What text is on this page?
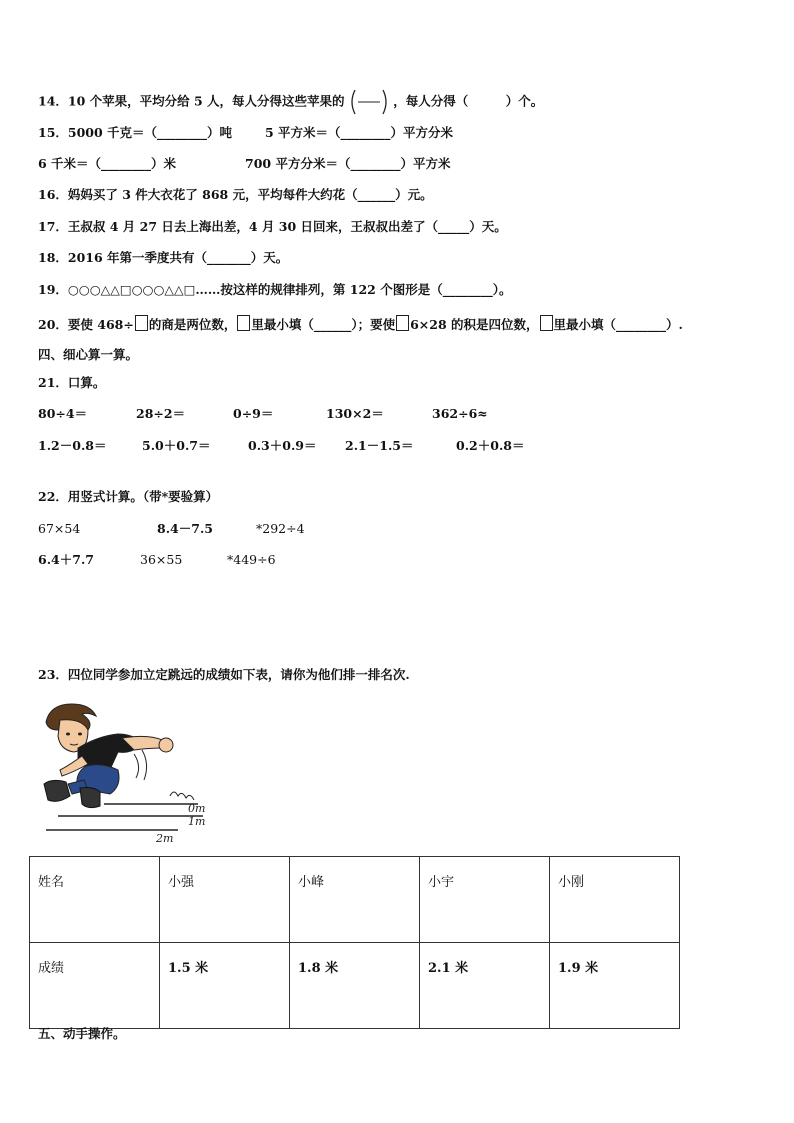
14．10 个苹果，平均分给 5 人，每人分得这些苹果的	，每人分得（　　　）个。
15．5000 千克＝（________）吨	5 平方米＝（________）平方分米
6 千米＝（________）米	700 平方分米＝（________）平方米
16．妈妈买了 3 件大衣花了 868 元，平均每件大约花（______）元。
17．王叔叔 4 月 27 日去上海出差，4 月 30 日回来，王叔叔出差了（_____）天。
18．2016 年第一季度共有（_______）天。
19．○○○△△□○○○△△□……按这样的规律排列，第 122 个图形是（________）。
20．要使 468÷ 的商是两位数， 里最小填（______）；要使 6×28 的积是四位数， 里最小填（________）.
四、细心算一算。
21．口算。
80÷4＝	28÷2＝	0÷9＝	130×2＝	362÷6≈
1.2－0.8＝	5.0＋0.7＝	0.3＋0.9＝ 2.1－1.5＝	0.2＋0.8＝
22．用竖式计算。（带*要验算）
67×54	8.4－7.5	*292÷4
6.4＋7.7	36×55	*449÷6
23．四位同学参加立定跳远的成绩如下表，请你为他们排一排名次.
0m
1m
2m
姓名	小强	小峰	小宇	小刚
成绩	1.5 米	1.8 米	2.1 米	1.9 米
五、动手操作。
